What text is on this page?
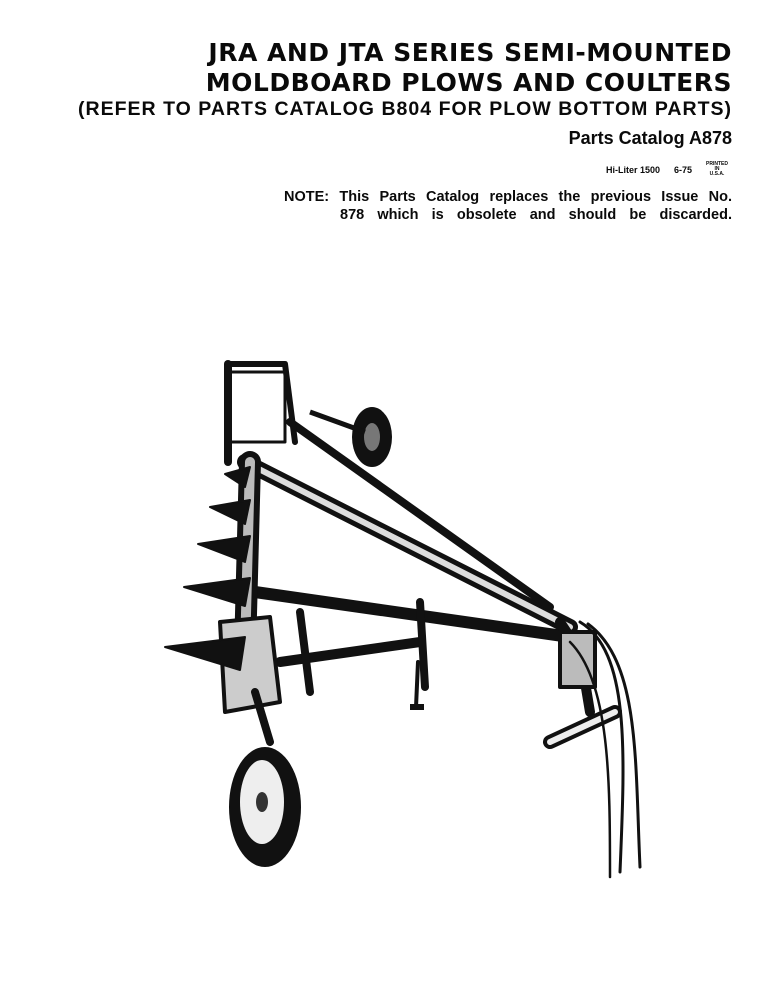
JRA AND JTA SERIES SEMI-MOUNTED
MOLDBOARD PLOWS AND COULTERS
(REFER TO PARTS CATALOG B804 FOR PLOW BOTTOM PARTS)
Parts Catalog A878
Hi-Liter 1500 6-75
PRINTED
IN
U.S.A.
NOTE: This Parts Catalog replaces the previous Issue No.
878 which is obsolete and should be discarded.
